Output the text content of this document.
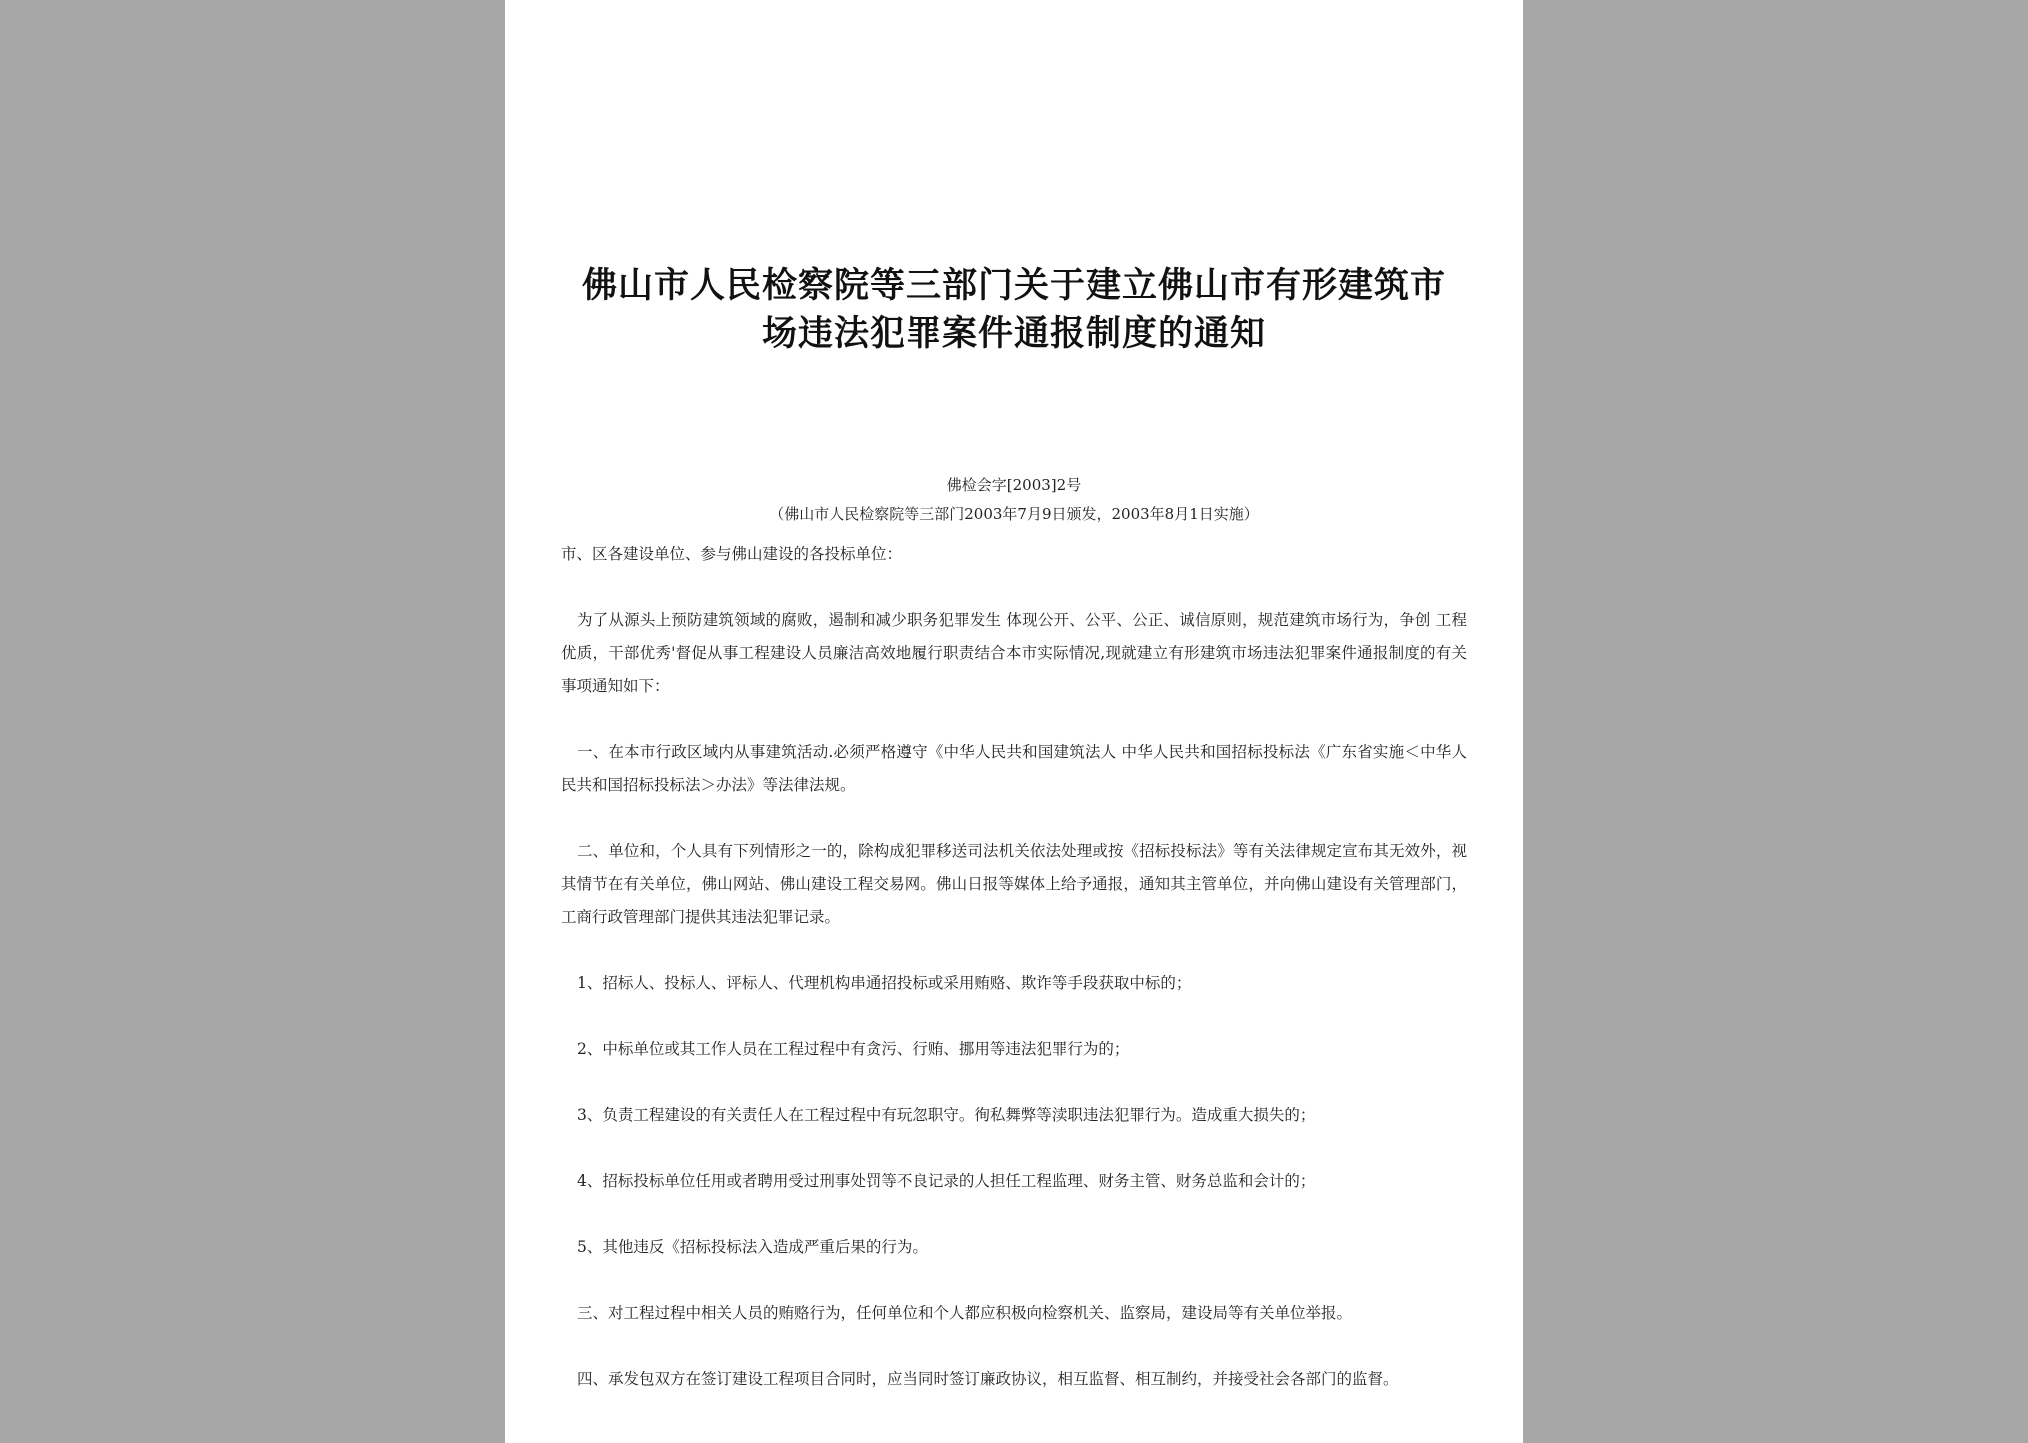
佛山市人民检察院等三部门关于建立佛山市有形建筑市
场违法犯罪案件通报制度的通知
佛检会字[2003]2号
（佛山市人民检察院等三部门2003年7月9日颁发，2003年8月1日实施）

市、区各建设单位、参与佛山建设的各投标单位：

为了从源头上预防建筑领域的腐败，遏制和减少职务犯罪发生 体现公开、公平、公正、诚信原则，规范建筑市场行为，争创 工程优质，干部优秀'督促从事工程建设人员廉洁高效地履行职责结合本市实际情况,现就建立有形建筑市场违法犯罪案件通报制度的有关事项通知如下：

一、在本市行政区域内从事建筑活动.必须严格遵守《中华人民共和国建筑法人 中华人民共和国招标投标法《广东省实施＜中华人民共和国招标投标法＞办法》等法律法规。

二、单位和，个人具有下列情形之一的，除构成犯罪移送司法机关依法处理或按《招标投标法》等有关法律规定宣布其无效外，视其情节在有关单位，佛山网站、佛山建设工程交易网。佛山日报等媒体上给予通报，通知其主管单位，并向佛山建设有关管理部门，工商行政管理部门提供其违法犯罪记录。

1、招标人、投标人、评标人、代理机构串通招投标或采用贿赂、欺诈等手段获取中标的；

2、中标单位或其工作人员在工程过程中有贪污、行贿、挪用等违法犯罪行为的；

3、负责工程建设的有关责任人在工程过程中有玩忽职守。徇私舞弊等渎职违法犯罪行为。造成重大损失的；

4、招标投标单位任用或者聘用受过刑事处罚等不良记录的人担任工程监理、财务主管、财务总监和会计的；

5、其他违反《招标投标法入造成严重后果的行为。

三、对工程过程中相关人员的贿赂行为，任何单位和个人都应积极向检察机关、监察局，建设局等有关单位举报。

四、承发包双方在签订建设工程项目合同时，应当同时签订廉政协议，相互监督、相互制约，并接受社会各部门的监督。
